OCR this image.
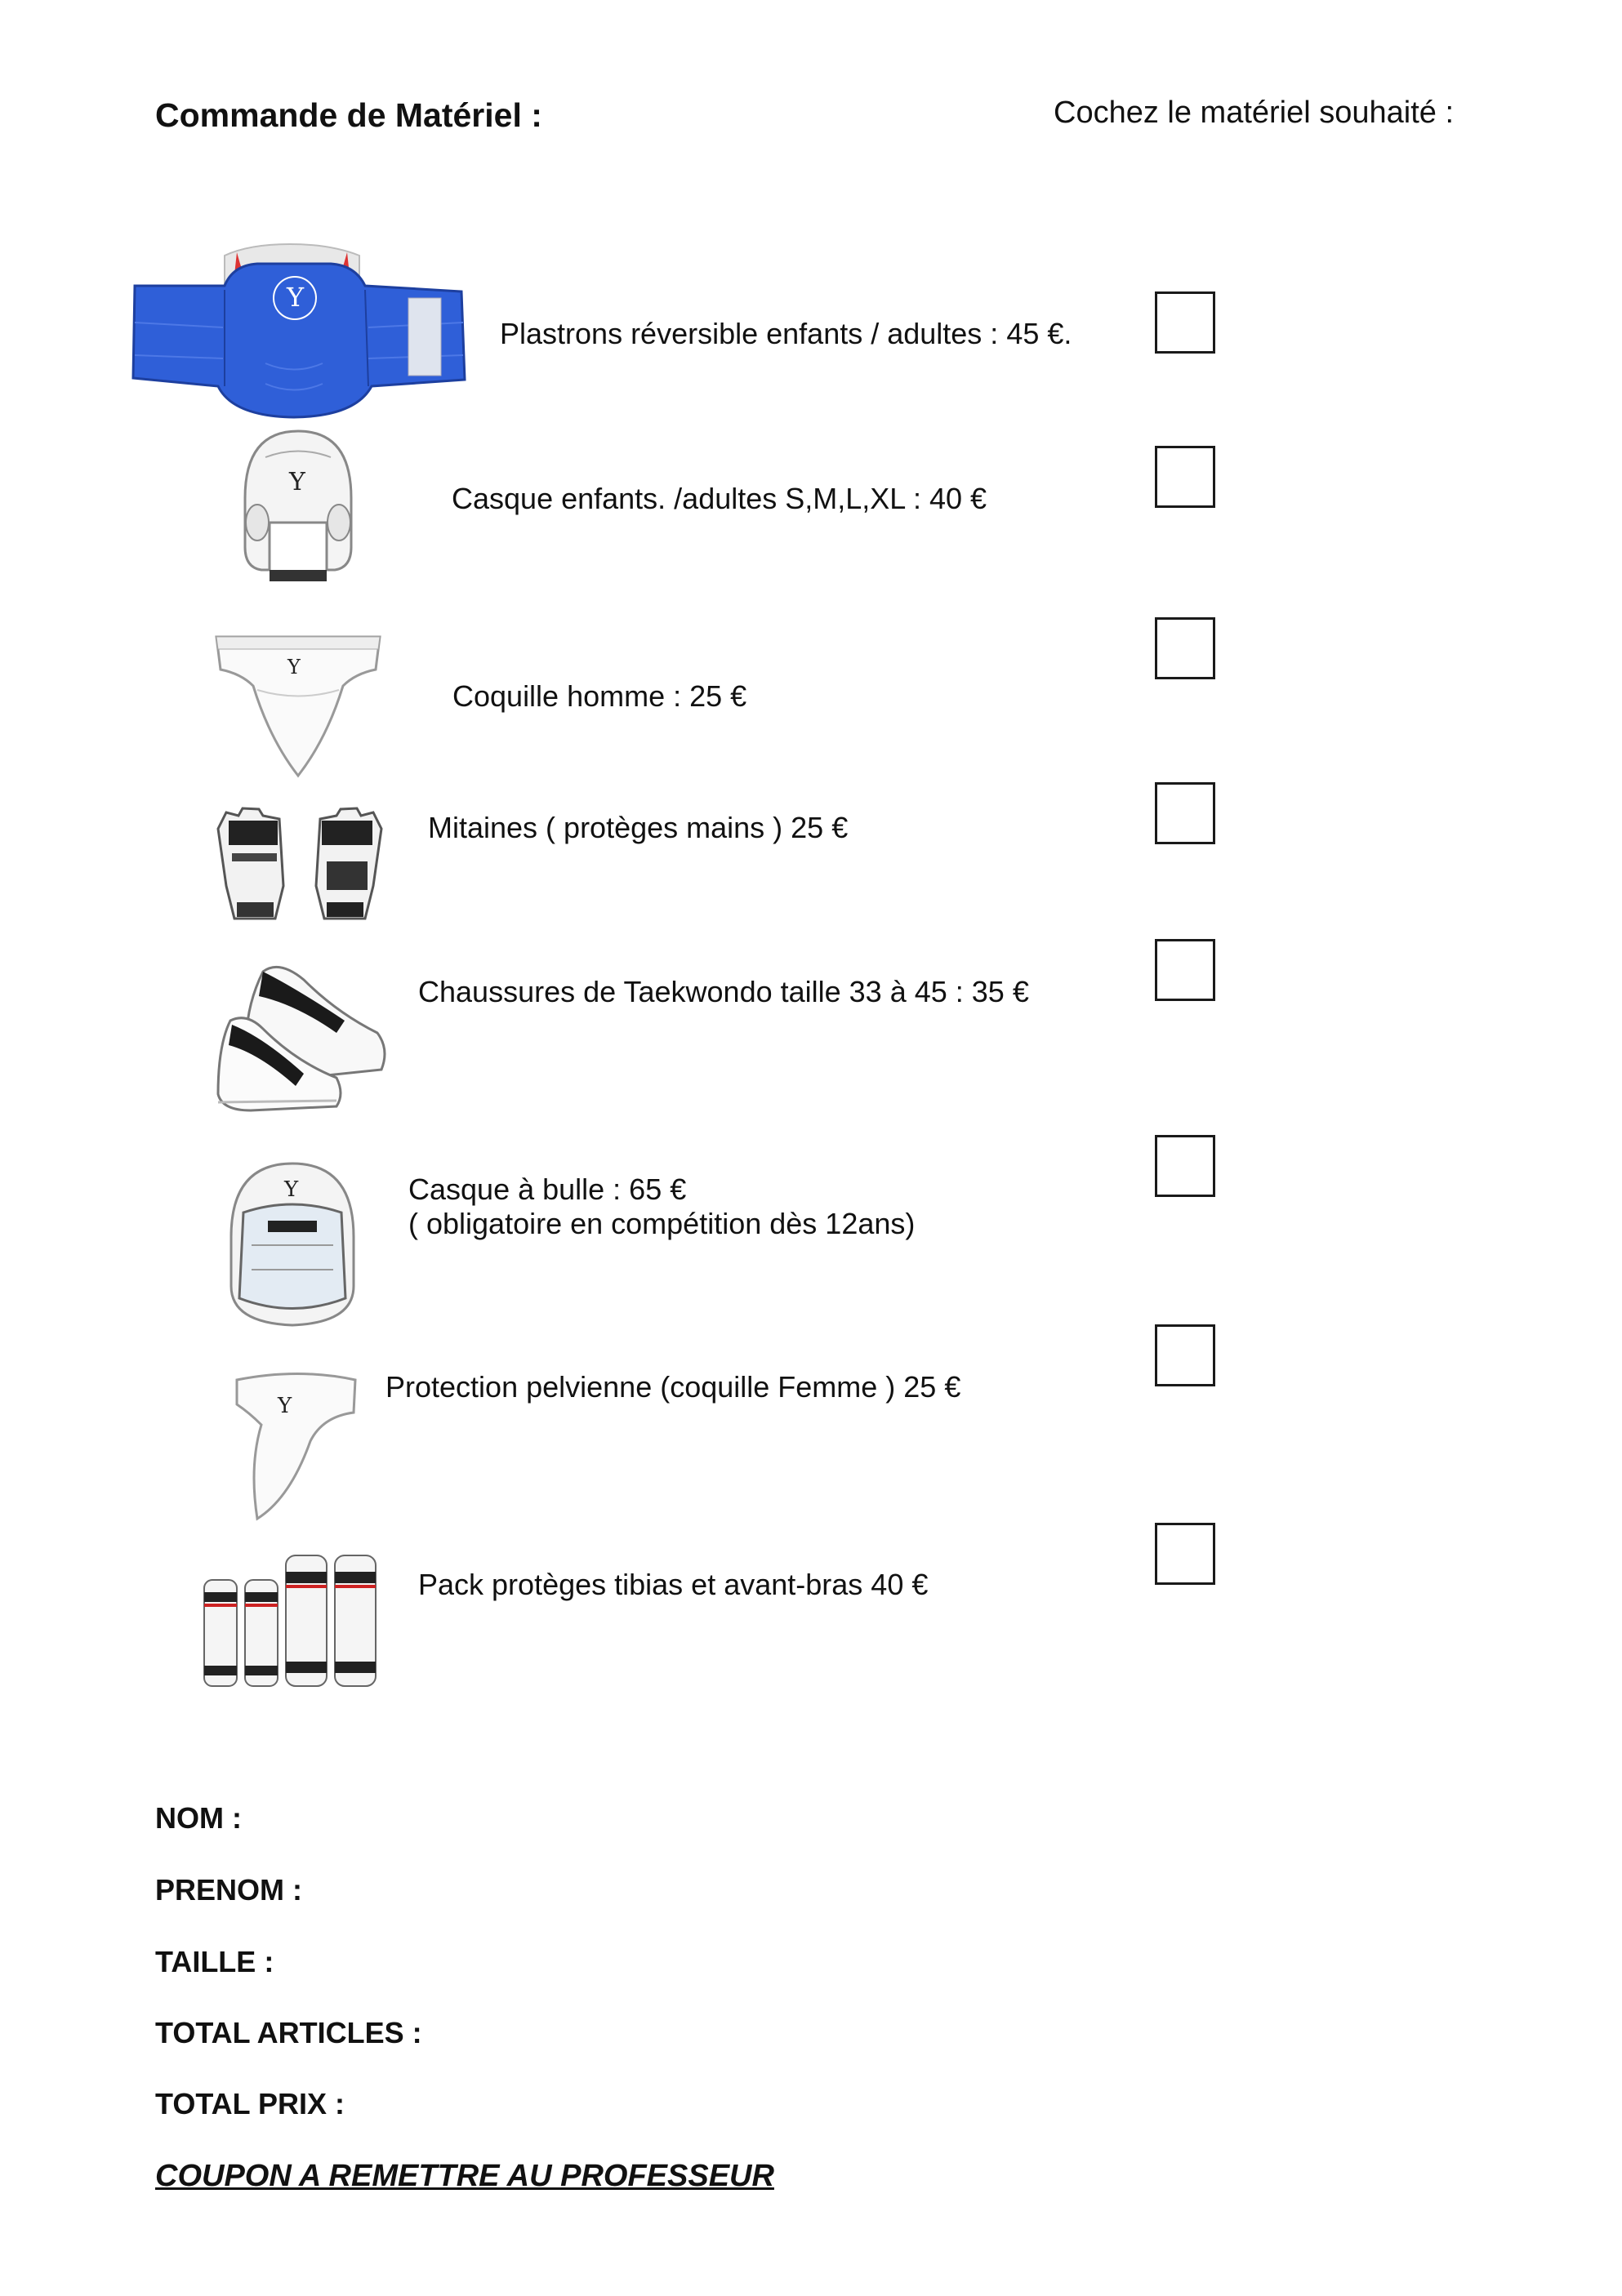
Commande de Matériel :	Cochez le matériel souhaité :
Y
Plastrons réversible enfants / adultes : 45 €.
Y	Casque enfants. /adultes S,M,L,XL : 40 €
Y
Coquille homme : 25 €
Mitaines ( protèges mains ) 25 €
Chaussures de Taekwondo taille 33 à 45 : 35 €
Y	Casque à bulle : 65 €
( obligatoire en compétition dès 12ans)
Y
Protection pelvienne (coquille Femme ) 25 €
Pack protèges tibias et avant-bras 40 €
NOM :
PRENOM :
TAILLE :
TOTAL ARTICLES :
TOTAL PRIX :
COUPON A REMETTRE AU PROFESSEUR
